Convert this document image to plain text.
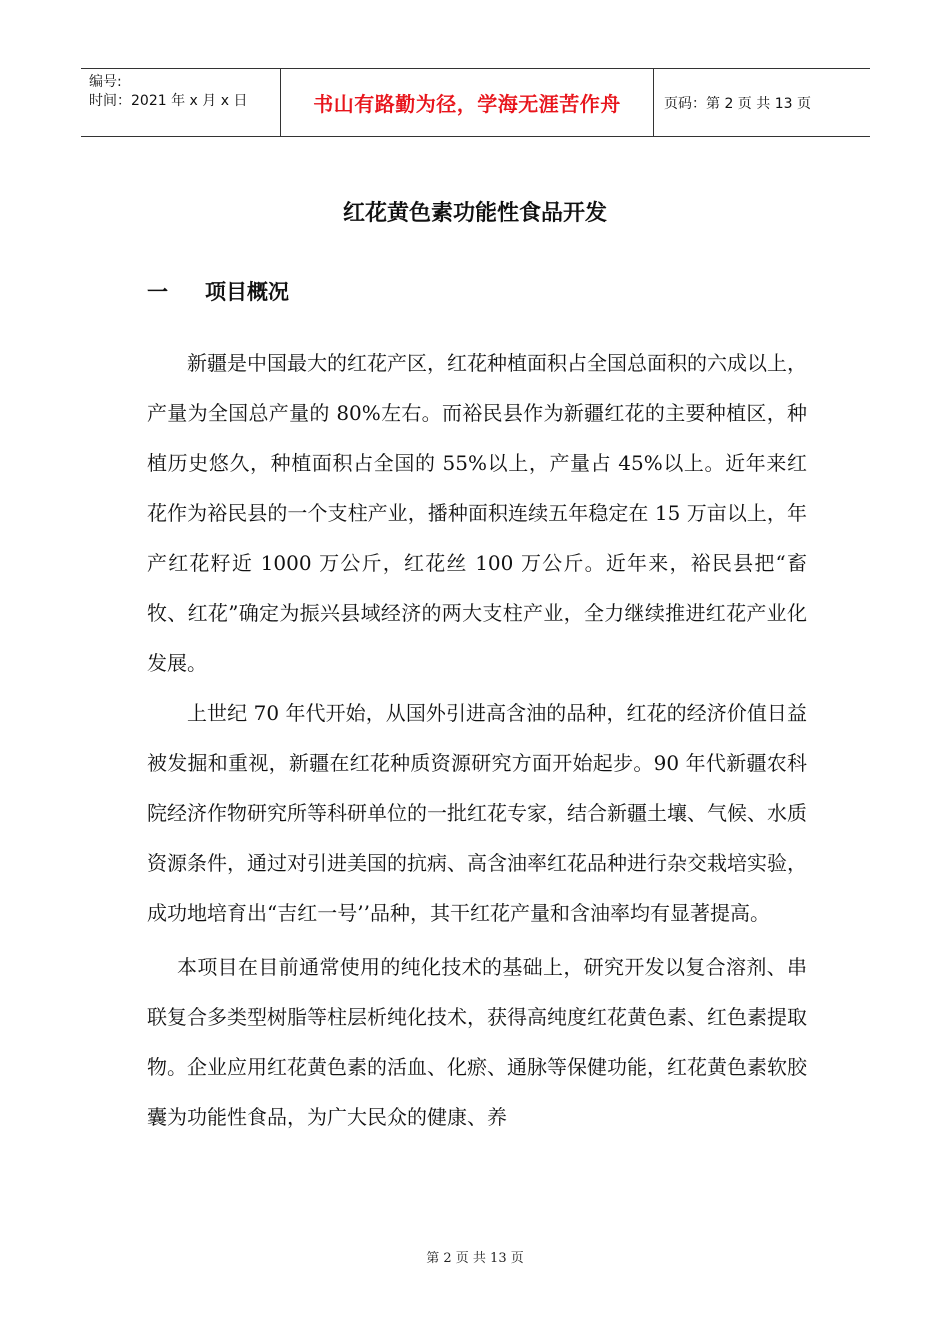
编号:
时间：2021 年 x 月 x 日	书山有路勤为径，学海无涯苦作舟	页码：第 2 页 共 13 页
红花黄色素功能性食品开发
一	项目概况

新疆是中国最大的红花产区，红花种植面积占全国总面积的六成以上，产量为全国总产量的 80%左右。而裕民县作为新疆红花的主要种植区，种植历史悠久，种植面积占全国的 55%以上，产量占 45%以上。近年来红花作为裕民县的一个支柱产业，播种面积连续五年稳定在 15 万亩以上，年产红花籽近 1000 万公斤，红花丝 100 万公斤。近年来，裕民县把“畜牧、红花”确定为振兴县域经济的两大支柱产业，全力继续推进红花产业化发展。

上世纪 70 年代开始，从国外引进高含油的品种，红花的经济价值日益被发掘和重视，新疆在红花种质资源研究方面开始起步。90 年代新疆农科院经济作物研究所等科研单位的一批红花专家，结合新疆土壤、气候、水质资源条件，通过对引进美国的抗病、高含油率红花品种进行杂交栽培实验，成功地培育出“吉红一号’’品种，其干红花产量和含油率均有显著提高。

本项目在目前通常使用的纯化技术的基础上，研究开发以复合溶剂、串联复合多类型树脂等柱层析纯化技术，获得高纯度红花黄色素、红色素提取物。企业应用红花黄色素的活血、化瘀、通脉等保健功能，红花黄色素软胶囊为功能性食品，为广大民众的健康、养

第 2 页 共 13 页
